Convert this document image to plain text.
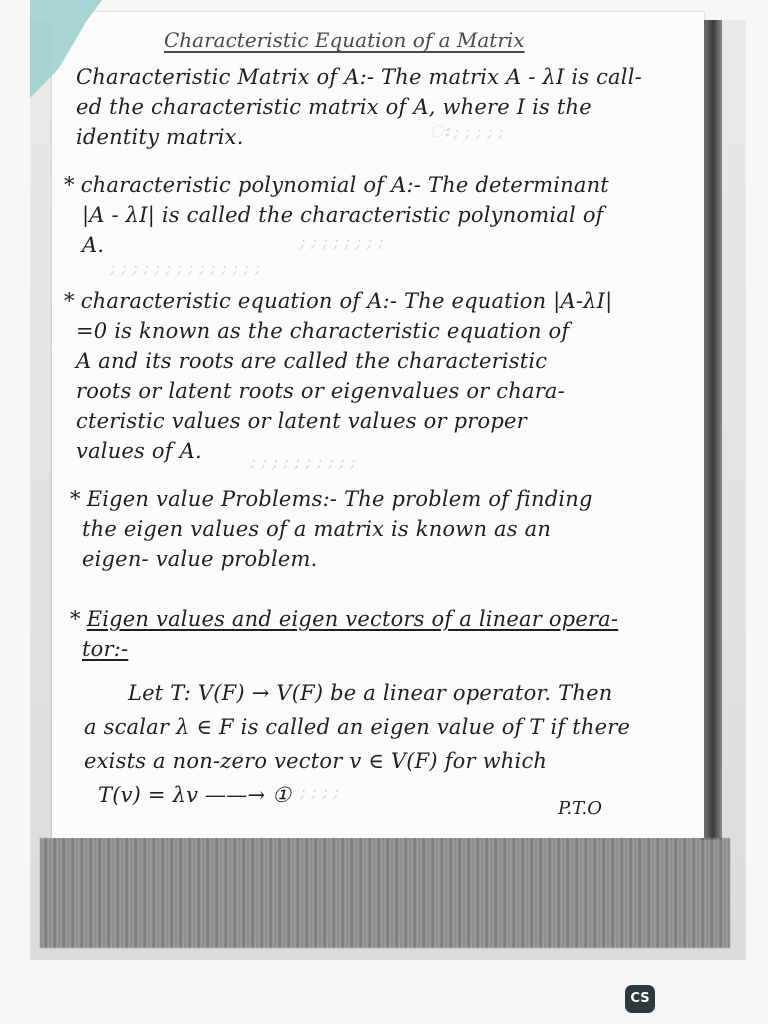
Characteristic Equation of a Matrix
ഃ ; ; ; ; ;
; ; ; ; ; ; ; ;
; ; ; ; ; ; ; ; ; ; ; ; ; ;
; ; ; ; ; ; ; ; ; ;
; ; ; ;
Characteristic Matrix of A:- The matrix A - λI is call-
ed the characteristic matrix of A, where I is the
identity matrix.
* characteristic polynomial of A:- The determinant
|A - λI| is called the characteristic polynomial of
A.
* characteristic equation of A:- The equation |A-λI|
=0 is known as the characteristic equation of
A and its roots are called the characteristic
roots or latent roots or eigenvalues or chara-
cteristic values or latent values or proper
values of A.
* Eigen value Problems:- The problem of finding
the eigen values of a matrix is known as an
eigen- value problem.
* Eigen values and eigen vectors of a linear opera-
tor:-
Let T: V(F) → V(F) be a linear operator. Then
a scalar λ ∈ F is called an eigen value of T if there
exists a non-zero vector v ∈ V(F) for which
T(v) = λv ——→ ①
P.T.O
CS
